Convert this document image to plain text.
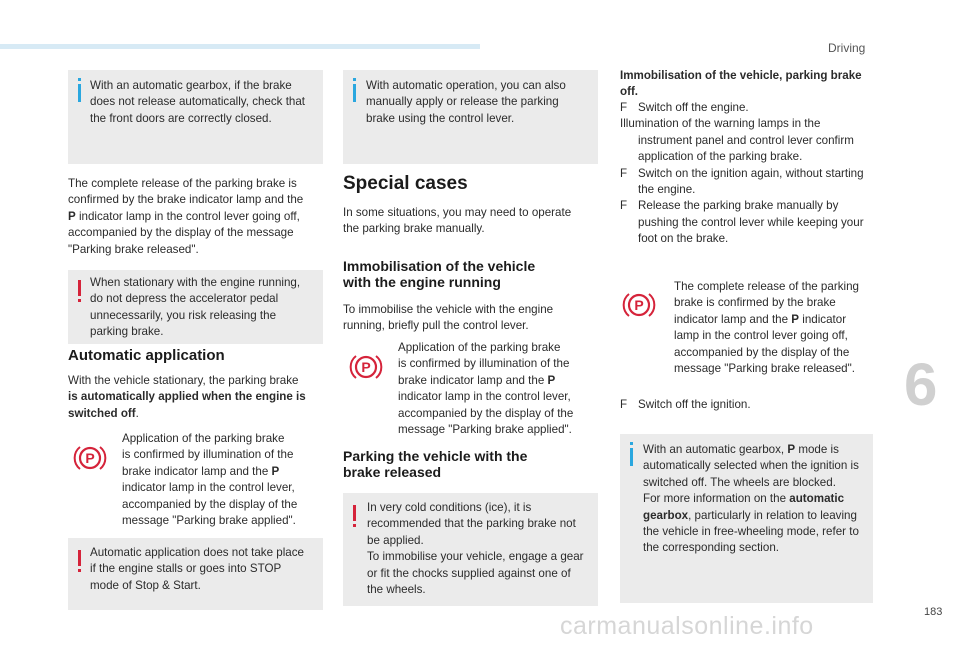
Driving
6
183
carmanualsonline.info
With an automatic gearbox, if the brake
does not release automatically, check that
the front doors are correctly closed.
The complete release of the parking brake is
confirmed by the brake indicator lamp and the
P indicator lamp in the control lever going off,
accompanied by the display of the message
"Parking brake released".
When stationary with the engine running,
do not depress the accelerator pedal
unnecessarily, you risk releasing the
parking brake.
Automatic application
With the vehicle stationary, the parking brake
is automatically applied when the engine is
switched off.
P
Application of the parking brake
is confirmed by illumination of the
brake indicator lamp and the P
indicator lamp in the control lever,
accompanied by the display of the
message "Parking brake applied".
Automatic application does not take place
if the engine stalls or goes into STOP
mode of Stop & Start.
With automatic operation, you can also
manually apply or release the parking
brake using the control lever.
Special cases
In some situations, you may need to operate
the parking brake manually.
Immobilisation of the vehicle
with the engine running
To immobilise the vehicle with the engine
running, briefly pull the control lever.
P
Application of the parking brake
is confirmed by illumination of the
brake indicator lamp and the P
indicator lamp in the control lever,
accompanied by the display of the
message "Parking brake applied".
Parking the vehicle with the
brake released
In very cold conditions (ice), it is
recommended that the parking brake not
be applied.
To immobilise your vehicle, engage a gear
or fit the chocks supplied against one of
the wheels.
Immobilisation of the vehicle, parking brake
off.
F Switch off the engine.
Illumination of the warning lamps in the
instrument panel and control lever confirm
application of the parking brake.
F Switch on the ignition again, without starting
the engine.
F Release the parking brake manually by
pushing the control lever while keeping your
foot on the brake.
P
The complete release of the parking
brake is confirmed by the brake
indicator lamp and the P indicator
lamp in the control lever going off,
accompanied by the display of the
message "Parking brake released".
F Switch off the ignition.
With an automatic gearbox, P mode is
automatically selected when the ignition is
switched off. The wheels are blocked.
For more information on the automatic
gearbox, particularly in relation to leaving
the vehicle in free-wheeling mode, refer to
the corresponding section.
